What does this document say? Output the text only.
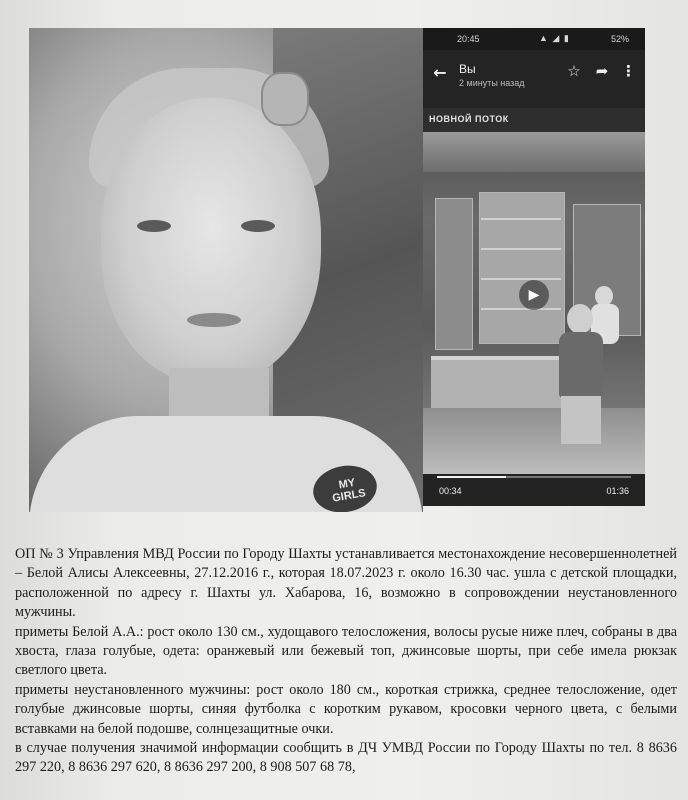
MY GIRLS
20:45	▲ ◢ ▮	52%
← Вы
2 минуты назад
☆ ➦ ⋮
НОВНОЙ ПОТОК
▶
00:34	01:36

ОП № 3 Управления МВД России по Городу Шахты устанавливается местонахождение несовершеннолетней – Белой Алисы Алексеевны, 27.12.2016 г., которая 18.07.2023 г. около 16.30 час. ушла с детской площадки, расположенной по адресу г. Шахты ул. Хабарова, 16, возможно в сопровождении неустановленного мужчины.

приметы Белой А.А.: рост около 130 см., худощавого телосложения, волосы русые ниже плеч, собраны в два хвоста, глаза голубые, одета: оранжевый или бежевый топ, джинсовые шорты, при себе имела рюкзак светлого цвета.

приметы неустановленного мужчины: рост около 180 см., короткая стрижка, среднее телосложение, одет голубые джинсовые шорты, синяя футболка с коротким рукавом, кросовки черного цвета, с белыми вставками на белой подошве, солнцезащитные очки.

в случае получения значимой информации сообщить в ДЧ УМВД России по Городу Шахты по тел. 8 8636 297 220, 8 8636 297 620, 8 8636 297 200, 8 908 507 68 78,
